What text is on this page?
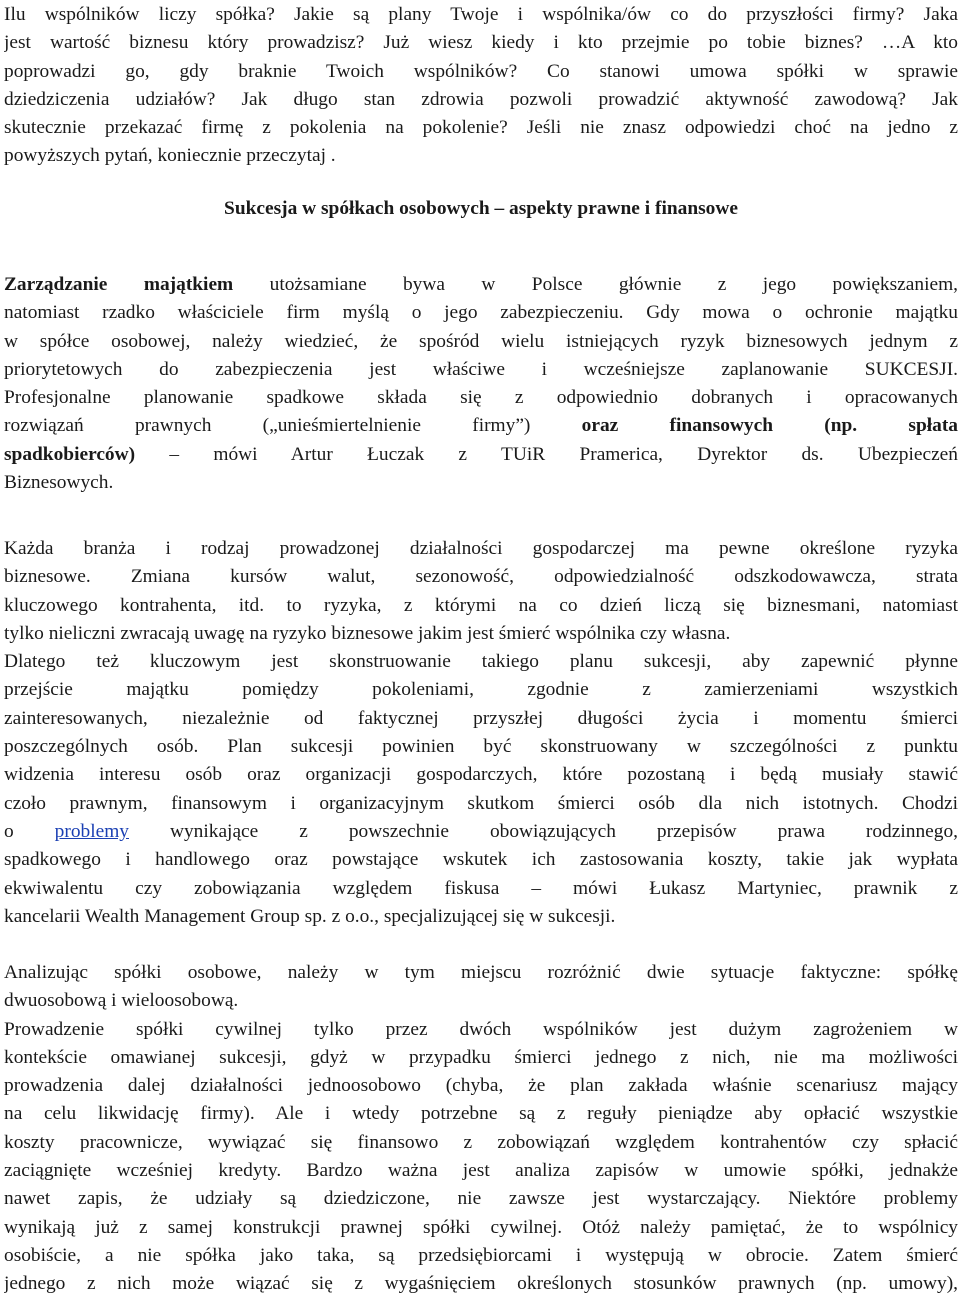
Ilu wspólników liczy spółka? Jakie są plany Twoje i wspólnika/ów co do przyszłości firmy? Jaka
jest wartość biznesu który prowadzisz? Już wiesz kiedy i kto przejmie po tobie biznes? …A kto
poprowadzi go, gdy braknie Twoich wspólników? Co stanowi umowa spółki w sprawie
dziedziczenia udziałów? Jak długo stan zdrowia pozwoli prowadzić aktywność zawodową? Jak
skutecznie przekazać firmę z pokolenia na pokolenie? Jeśli nie znasz odpowiedzi choć na jedno z
powyższych pytań, koniecznie przeczytaj .
Sukcesja w spółkach osobowych – aspekty prawne i finansowe
Zarządzanie majątkiem utożsamiane bywa w Polsce głównie z jego powiększaniem,
natomiast rzadko właściciele firm myślą o jego zabezpieczeniu. Gdy mowa o ochronie majątku
w spółce osobowej, należy wiedzieć, że spośród wielu istniejących ryzyk biznesowych jednym z
priorytetowych do zabezpieczenia jest właściwe i wcześniejsze zaplanowanie SUKCESJI.
Profesjonalne planowanie spadkowe składa się z odpowiednio dobranych i opracowanych
rozwiązań prawnych („unieśmiertelnienie firmy”) oraz finansowych (np. spłata
spadkobierców) – mówi Artur Łuczak z TUiR Pramerica, Dyrektor ds. Ubezpieczeń
Biznesowych.
Każda branża i rodzaj prowadzonej działalności gospodarczej ma pewne określone ryzyka
biznesowe. Zmiana kursów walut, sezonowość, odpowiedzialność odszkodowawcza, strata
kluczowego kontrahenta, itd. to ryzyka, z którymi na co dzień liczą się biznesmani, natomiast
tylko nieliczni zwracają uwagę na ryzyko biznesowe jakim jest śmierć wspólnika czy własna.
Dlatego też kluczowym jest skonstruowanie takiego planu sukcesji, aby zapewnić płynne
przejście majątku pomiędzy pokoleniami, zgodnie z zamierzeniami wszystkich
zainteresowanych, niezależnie od faktycznej przyszłej długości życia i momentu śmierci
poszczególnych osób. Plan sukcesji powinien być skonstruowany w szczególności z punktu
widzenia interesu osób oraz organizacji gospodarczych, które pozostaną i będą musiały stawić
czoło prawnym, finansowym i organizacyjnym skutkom śmierci osób dla nich istotnych. Chodzi
o problemy wynikające z powszechnie obowiązujących przepisów prawa rodzinnego,
spadkowego i handlowego oraz powstające wskutek ich zastosowania koszty, takie jak wypłata
ekwiwalentu czy zobowiązania względem fiskusa – mówi Łukasz Martyniec, prawnik z
kancelarii Wealth Management Group sp. z o.o., specjalizującej się w sukcesji.
Analizując spółki osobowe, należy w tym miejscu rozróżnić dwie sytuacje faktyczne: spółkę
dwuosobową i wieloosobową.
Prowadzenie spółki cywilnej tylko przez dwóch wspólników jest dużym zagrożeniem w
kontekście omawianej sukcesji, gdyż w przypadku śmierci jednego z nich, nie ma możliwości
prowadzenia dalej działalności jednoosobowo (chyba, że plan zakłada właśnie scenariusz mający
na celu likwidację firmy). Ale i wtedy potrzebne są z reguły pieniądze aby opłacić wszystkie
koszty pracownicze, wywiązać się finansowo z zobowiązań względem kontrahentów czy spłacić
zaciągnięte wcześniej kredyty. Bardzo ważna jest analiza zapisów w umowie spółki, jednakże
nawet zapis, że udziały są dziedziczone, nie zawsze jest wystarczający. Niektóre problemy
wynikają już z samej konstrukcji prawnej spółki cywilnej. Otóż należy pamiętać, że to wspólnicy
osobiście, a nie spółka jako taka, są przedsiębiorcami i występują w obrocie. Zatem śmierć
jednego z nich może wiązać się z wygaśnięciem określonych stosunków prawnych (np. umowy),
